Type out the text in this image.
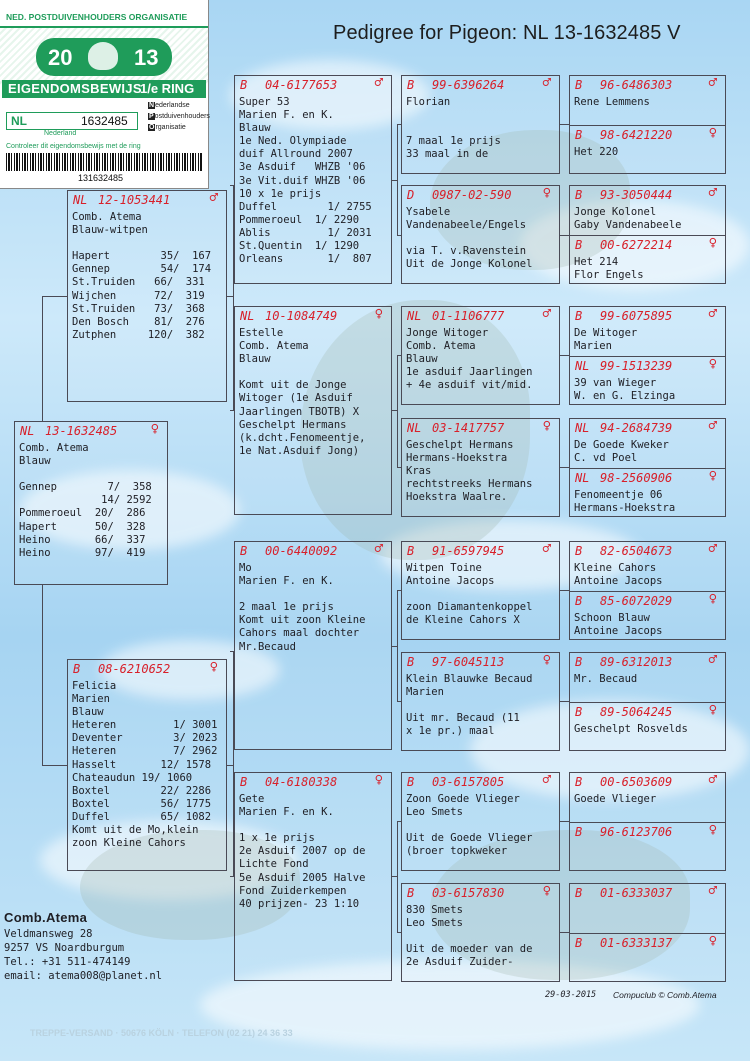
NED. POSTDUIVENHOUDERS ORGANISATIE
20	13
EIGENDOMSBEWIJS
1/e RING
NL	1632485
Nederland
Nederlandse
Postduivenhouders
Organisatie
Controleer dit eigendomsbewijs met de ring
131632485
Pedigree for Pigeon: NL 13-1632485 V
NL 13-1632485 ♀
Comb. Atema
Blauw
Gennep        7/  358
14/ 2592
Pommeroeul  20/  286
Hapert      50/  328
Heino       66/  337
Heino       97/  419
NL 12-1053441	♂
Comb. Atema
Blauw-witpen
Hapert        35/  167
Gennep        54/  174
St.Truiden   66/  331
Wijchen      72/  319
St.Truiden   73/  368
Den Bosch    81/  276
Zutphen     120/  382
B 08-6210652	♀
Felicia
Marien
Blauw
Heteren         1/ 3001
Deventer        3/ 2023
Heteren         7/ 2962
Hasselt       12/ 1578
Chateaudun 19/ 1060
Boxtel        22/ 2286
Boxtel        56/ 1775
Duffel        65/ 1082
Komt uit de Mo,klein
zoon Kleine Cahors
B 04-6177653	♂
Super 53
Marien F. en K.
Blauw
1e Ned. Olympiade
duif Allround 2007
3e Asduif   WHZB '06
3e Vit.duif WHZB '06
10 x 1e prijs
Duffel        1/ 2755
Pommeroeul  1/ 2290
Ablis         1/ 2031
St.Quentin  1/ 1290
Orleans       1/  807
NL 10-1084749	♀
Estelle
Comb. Atema
Blauw
Komt uit de Jonge
Witoger (1e Asduif
Jaarlingen TBOTB) X
Geschelpt Hermans
(k.dcht.Fenomeentje,
1e Nat.Asduif Jong)
B 00-6440092	♂
Mo
Marien F. en K.
2 maal 1e prijs
Komt uit zoon Kleine
Cahors maal dochter
Mr.Becaud
B 04-6180338	♀
Gete
Marien F. en K.
1 x 1e prijs
2e Asduif 2007 op de
Lichte Fond
5e Asduif 2005 Halve
Fond Zuiderkempen
40 prijzen- 23 1:10
B 99-6396264	♂
Florian
7 maal 1e prijs
33 maal in de
D 0987-02-590 ♀
Ysabele
Vandenabeele/Engels
via T. v.Ravenstein
Uit de Jonge Kolonel
NL 01-1106777	♂
Jonge Witoger
Comb. Atema
Blauw
1e asduif Jaarlingen
+ 4e asduif vit/mid.
NL 03-1417757	♀
Geschelpt Hermans
Hermans-Hoekstra
Kras
rechtstreeks Hermans
Hoekstra Waalre.
B 91-6597945	♂
Witpen Toine
Antoine Jacops
zoon Diamantenkoppel
de Kleine Cahors X
B 97-6045113	♀
Klein Blauwke Becaud
Marien
Uit mr. Becaud (11
x 1e pr.) maal
B 03-6157805	♂
Zoon Goede Vlieger
Leo Smets
Uit de Goede Vlieger
(broer topkweker
B 03-6157830	♀
830 Smets
Leo Smets
Uit de moeder van de
2e Asduif Zuider-
B 96-6486303	♂
Rene Lemmens
B 98-6421220	♀
Het 220
B 93-3050444	♂
Jonge Kolonel
Gaby Vandenabeele
B 00-6272214	♀
Het 214
Flor Engels
B 99-6075895	♂
De Witoger
Marien
NL 99-1513239	♀
39 van Wieger
W. en G. Elzinga
NL 94-2684739	♂
De Goede Kweker
C. vd Poel
NL 98-2560906	♀
Fenomeentje 06
Hermans-Hoekstra
B 82-6504673	♂
Kleine Cahors
Antoine Jacops
B 85-6072029	♀
Schoon Blauw
Antoine Jacops
B 89-6312013	♂
Mr. Becaud
B 89-5064245	♀
Geschelpt Rosvelds
B 00-6503609	♂
Goede Vlieger
B 96-6123706	♀
B 01-6333037	♂
B 01-6333137	♀
Comb.Atema
Veldmansweg 28
9257 VS Noardburgum
Tel.: +31 511-474149
email: atema008@planet.nl
29-03-2015 Compuclub © Comb.Atema
TREPPE-VERSAND · 50676 KÖLN · TELEFON (02 21) 24 36 33
